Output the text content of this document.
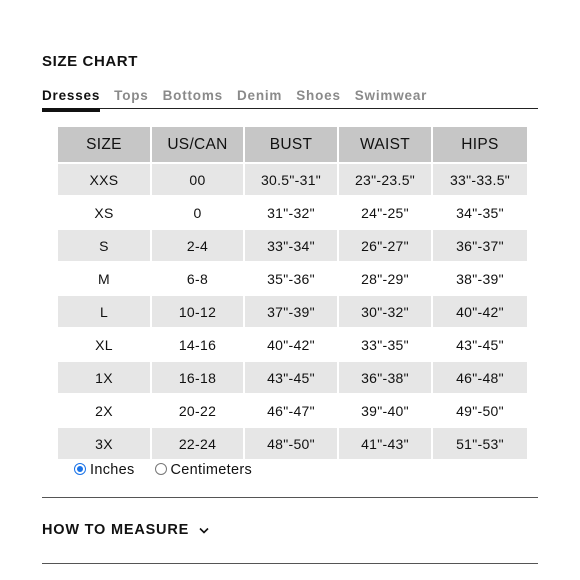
SIZE CHART
Dresses Tops Bottoms Denim Shoes Swimwear
SIZE	US/CAN	BUST	WAIST	HIPS
XXS	00	30.5"-31"	23"-23.5"	33"-33.5"
XS	0	31"-32"	24"-25"	34"-35"
S	2-4	33"-34"	26"-27"	36"-37"
M	6-8	35"-36"	28"-29"	38"-39"
L	10-12	37"-39"	30"-32"	40"-42"
XL	14-16	40"-42"	33"-35"	43"-45"
1X	16-18	43"-45"	36"-38"	46"-48"
2X	20-22	46"-47"	39"-40"	49"-50"
3X	22-24	48"-50"	41"-43"	51"-53"
Inches Centimeters
HOW TO MEASURE
